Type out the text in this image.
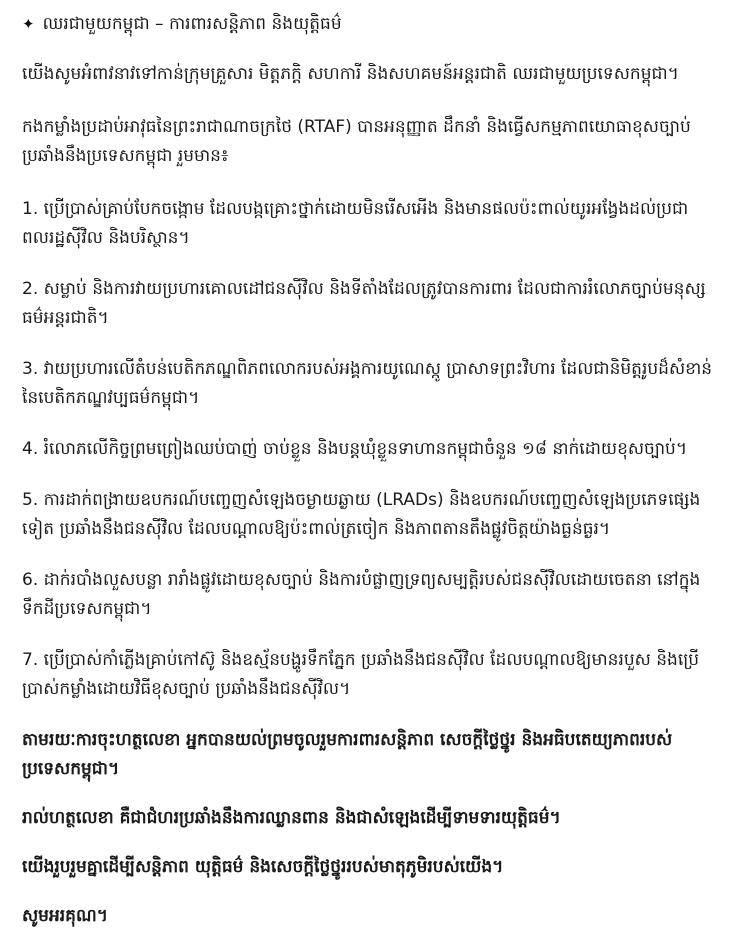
✦ ឈរជាមួយកម្ពុជា – ការពារសន្តិភាព និងយុត្តិធម៌

យើងសូមអំពាវនាវទៅកាន់ក្រុមគ្រួសារ មិត្តភក្តិ សហការី និងសហគមន៍អន្តរជាតិ ឈរជាមួយប្រទេសកម្ពុជា។

កងកម្លាំងប្រដាប់អាវុធនៃព្រះរាជាណាចក្រថៃ (RTAF) បានអនុញ្ញាត ដឹកនាំ និងធ្វើសកម្មភាពយោធាខុសច្បាប់ ប្រឆាំងនឹងប្រទេសកម្ពុជា រួមមាន៖

1. ប្រើប្រាស់គ្រាប់បែកចង្កោម ដែលបង្កគ្រោះថ្នាក់ដោយមិនរើសអើង និងមានផលប៉ះពាល់យូរអង្វែងដល់ប្រជាពលរដ្ឋស៊ីវិល និងបរិស្ថាន។

2. សម្លាប់ និងការវាយប្រហារគោលដៅជនស៊ីវិល និងទីតាំងដែលត្រូវបានការពារ ដែលជាការរំលោភច្បាប់មនុស្សធម៌អន្តរជាតិ។

3. វាយប្រហារលើតំបន់បេតិកភណ្ឌពិភពលោករបស់អង្គការយូណេស្កូ ប្រាសាទព្រះវិហារ ដែលជានិមិត្តរូបដ៏សំខាន់នៃបេតិកភណ្ឌវប្បធម៌កម្ពុជា។

4. រំលោភលើកិច្ចព្រមព្រៀងឈប់បាញ់ ចាប់ខ្លួន និងបន្តឃុំខ្លួនទាហានកម្ពុជាចំនួន ១៨ នាក់ដោយខុសច្បាប់។

5. ការដាក់ពង្រាយឧបករណ៍បញ្ចេញសំឡេងចម្ងាយឆ្ងាយ (LRADs) និងឧបករណ៍បញ្ចេញសំឡេងប្រភេទផ្សេងទៀត ប្រឆាំងនឹងជនស៊ីវិល ដែលបណ្តាលឱ្យប៉ះពាល់ត្រចៀក និងភាពតានតឹងផ្លូវចិត្តយ៉ាងធ្ងន់ធ្ងរ។

6. ដាក់របាំងលួសបន្លា រារាំងផ្លូវដោយខុសច្បាប់ និងការបំផ្លាញទ្រព្យសម្បត្តិរបស់ជនស៊ីវិលដោយចេតនា នៅក្នុងទឹកដីប្រទេសកម្ពុជា។

7. ប្រើប្រាស់កាំភ្លើងគ្រាប់កៅស៊ូ និងឧស្ម័នបង្ហូរទឹកភ្នែក ប្រឆាំងនឹងជនស៊ីវិល ដែលបណ្តាលឱ្យមានរបួស និងប្រើប្រាស់កម្លាំងដោយវិធីខុសច្បាប់ ប្រឆាំងនឹងជនស៊ីវិល។

តាមរយៈការចុះហត្ថលេខា អ្នកបានយល់ព្រមចូលរួមការពារសន្តិភាព សេចក្តីថ្លៃថ្នូរ និងអធិបតេយ្យភាពរបស់ប្រទេសកម្ពុជា។

រាល់ហត្ថលេខា គឺជាជំហរប្រឆាំងនឹងការឈ្លានពាន និងជាសំឡេងដើម្បីទាមទារយុត្តិធម៌។

យើងរួបរួមគ្នាដើម្បីសន្តិភាព យុត្តិធម៌ និងសេចក្តីថ្លៃថ្នូររបស់មាតុភូមិរបស់យើង។

សូមអរគុណ។
